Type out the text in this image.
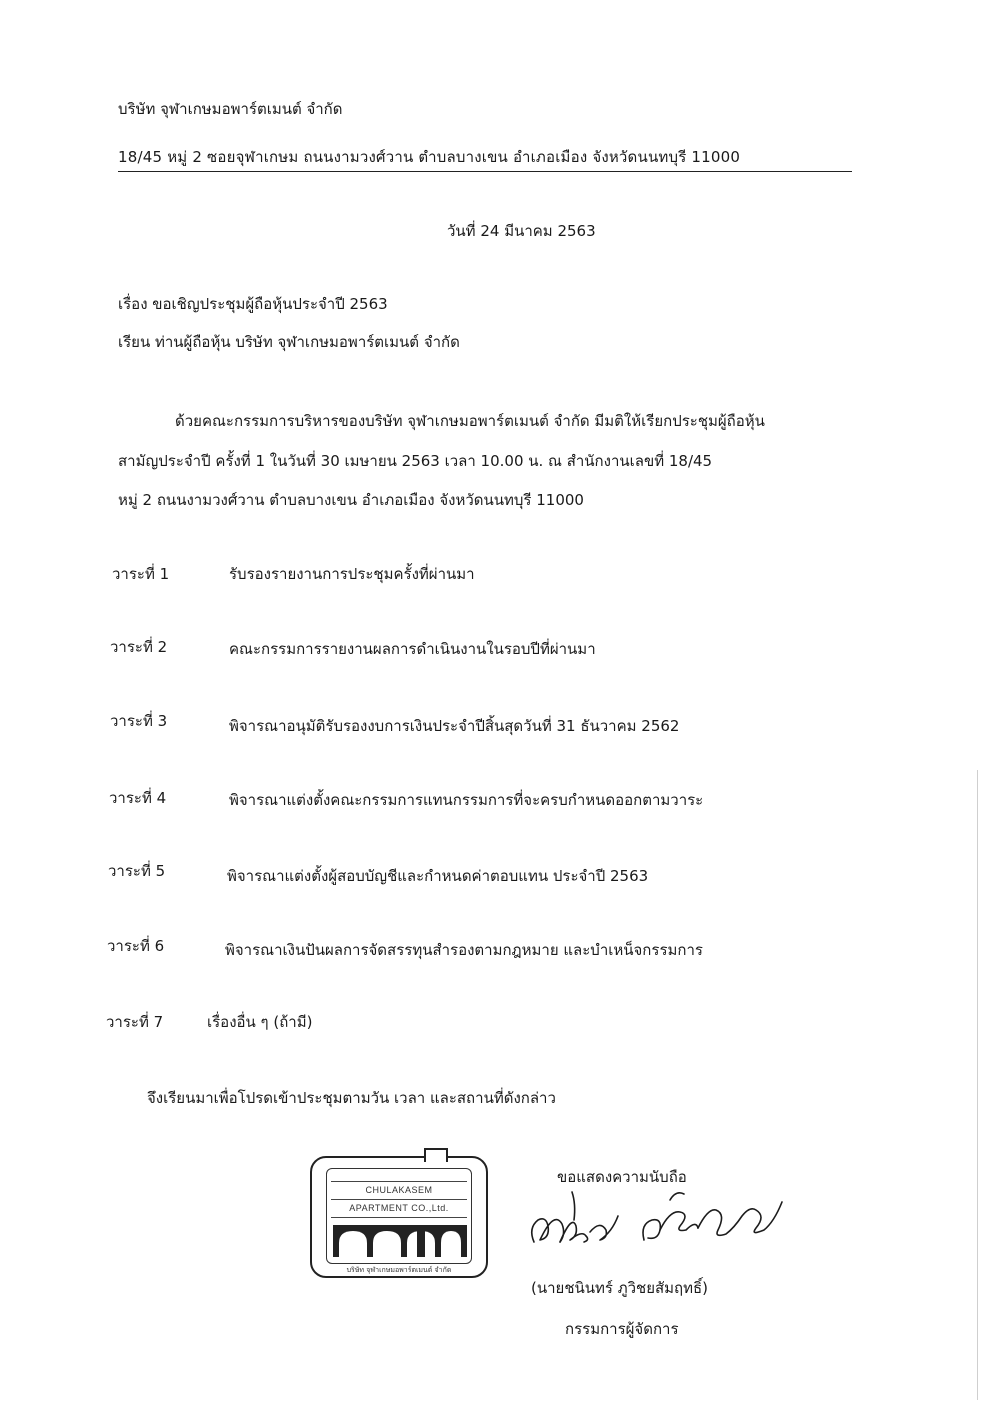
บริษัท จุฬาเกษมอพาร์ตเมนต์ จำกัด
18/45 หมู่ 2 ซอยจุฬาเกษม ถนนงามวงศ์วาน ตำบลบางเขน อำเภอเมือง จังหวัดนนทบุรี 11000
วันที่ 24 มีนาคม 2563
เรื่อง ขอเชิญประชุมผู้ถือหุ้นประจำปี 2563
เรียน ท่านผู้ถือหุ้น บริษัท จุฬาเกษมอพาร์ตเมนต์ จำกัด
ด้วยคณะกรรมการบริหารของบริษัท จุฬาเกษมอพาร์ตเมนต์ จำกัด มีมติให้เรียกประชุมผู้ถือหุ้น
สามัญประจำปี ครั้งที่ 1 ในวันที่ 30 เมษายน 2563 เวลา 10.00 น. ณ สำนักงานเลขที่ 18/45
หมู่ 2 ถนนงามวงศ์วาน ตำบลบางเขน อำเภอเมือง จังหวัดนนทบุรี 11000
วาระที่ 1	รับรองรายงานการประชุมครั้งที่ผ่านมา
วาระที่ 2	คณะกรรมการรายงานผลการดำเนินงานในรอบปีที่ผ่านมา
วาระที่ 3	พิจารณาอนุมัติรับรองงบการเงินประจำปีสิ้นสุดวันที่ 31 ธันวาคม 2562
วาระที่ 4	พิจารณาแต่งตั้งคณะกรรมการแทนกรรมการที่จะครบกำหนดออกตามวาระ
วาระที่ 5	พิจารณาแต่งตั้งผู้สอบบัญชีและกำหนดค่าตอบแทน ประจำปี 2563
วาระที่ 6	พิจารณาเงินปันผลการจัดสรรทุนสำรองตามกฎหมาย และบำเหน็จกรรมการ
วาระที่ 7	เรื่องอื่น ๆ (ถ้ามี)
จึงเรียนมาเพื่อโปรดเข้าประชุมตามวัน เวลา และสถานที่ดังกล่าว
CHULAKASEM
APARTMENT CO.,Ltd.
บริษัท จุฬาเกษมอพาร์ตเมนต์ จำกัด
ขอแสดงความนับถือ
(นายชนินทร์ ภูวิชยสัมฤทธิ์)
กรรมการผู้จัดการ
